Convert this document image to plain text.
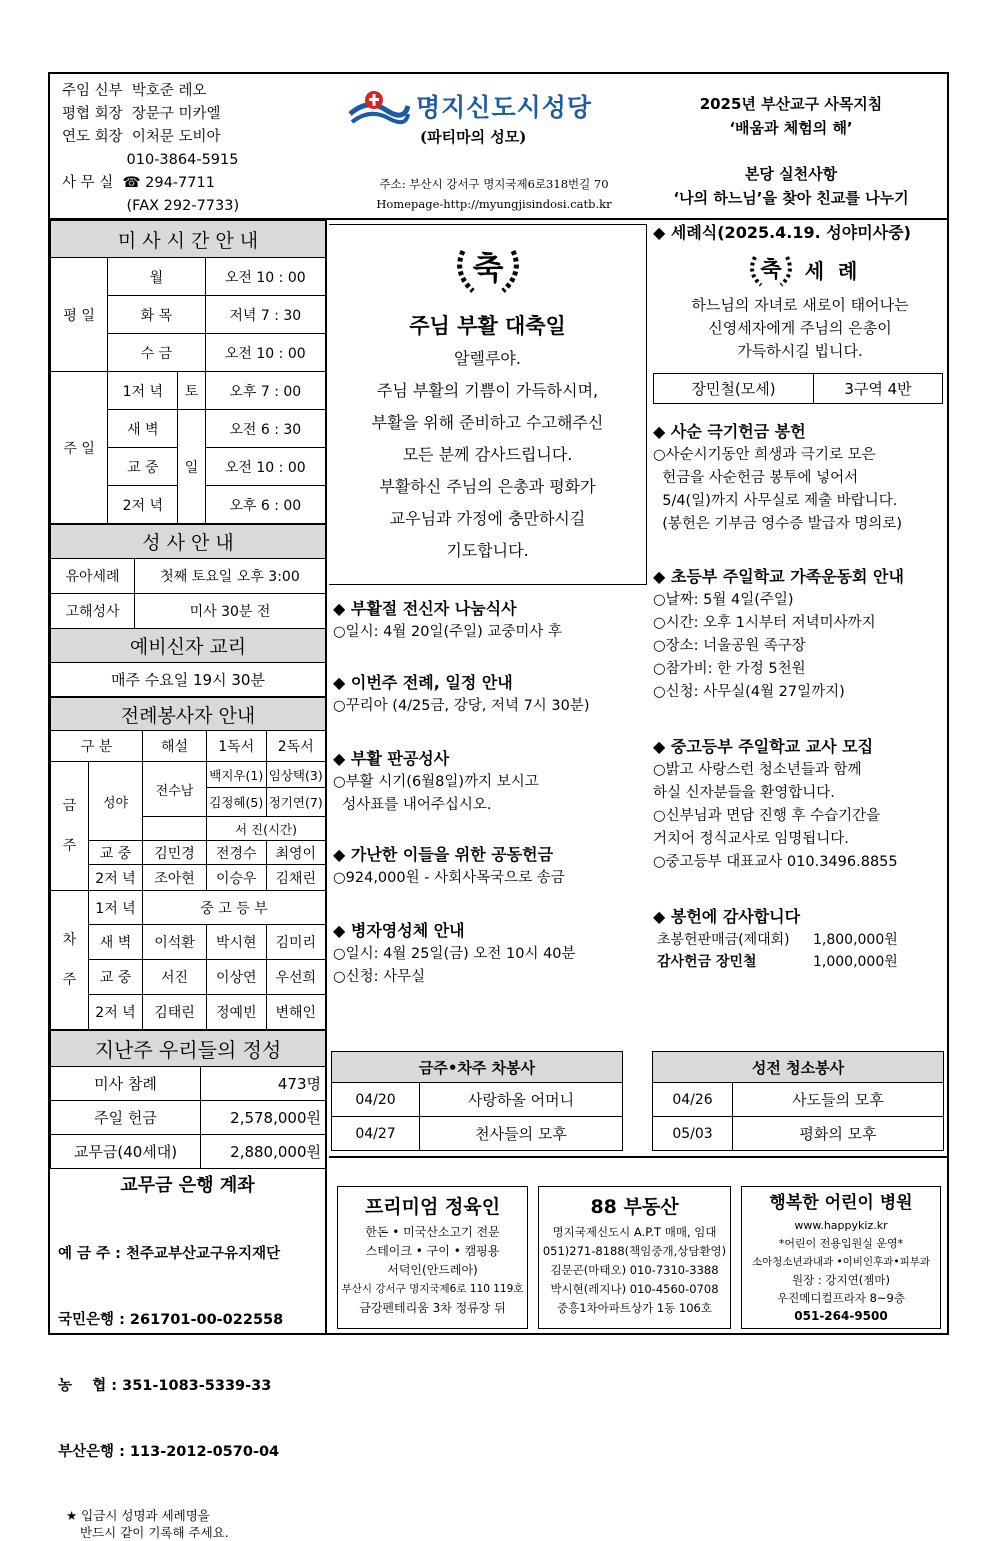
주임 신부  박호준 레오
평협 회장  장문구 미카엘
연도 회장  이처문 도비아
010-3864-5915
사 무 실  ☎ 294-7711
(FAX 292-7733)
명지신도시성당
(파티마의 성모)
주소: 부산시 강서구 명지국제6로318번길 70
Homepage-http://myungjisindosi.catb.kr
2025년 부산교구 사목지침
‘배움과 체험의 해’
본당 실천사항
‘나의 하느님’을 찾아 친교를 나누기
미 사 시 간 안 내			
평 일	월		오전 10 : 00
	화 목		저녁 7 : 30
	수 금		오전 10 : 00
주 일	1저 녁	토	오후 7 : 00
	새 벽	일	오전 6 : 30
	교 중		오전 10 : 00
	2저 녁		오후 6 : 00
성 사 안 내	
유아세례	첫째 토요일 오후 3:00
고해성사	미사 30분 전
예비신자 교리	
매주 수요일 19시 30분	
전례봉사자 안내				
구 분		해설	1독서	2독서

금
주	성야	전수남	백지우(1)	임상택(3)
			김정혜(5)	정기연(7)
			서 진(시간)	
	교 중	김민경	전경수	최영이
	2저 녁	조아현	이승우	김채린

차
주	1저 녁	중 고 등 부		
	새 벽	이석환	박시현	김미리
	교 중	서진	이상연	우선희
	2저 녁	김태린	정예빈	변해인
지난주 우리들의 정성	
미사 참례	473명
주일 헌금	2,578,000원
교무금(40세대)	2,880,000원
교무금 은행 계좌

예 금 주 : 천주교부산교구유지재단

국민은행 : 261701-00-022558

농    협 : 351-1083-5339-33

부산은행 : 113-2012-0570-04

★ 입금시 성명과 세례명을
반드시 같이 기록해 주세요.
축
주님 부활 대축일
알렐루야.
주님 부활의 기쁨이 가득하시며,
부활을 위해 준비하고 수고해주신
모든 분께 감사드립니다.
부활하신 주님의 은총과 평화가
교우님과 가정에 충만하시길
기도합니다.
◆ 부활절 전신자 나눔식사
○일시: 4월 20일(주일) 교중미사 후
◆ 이번주 전례, 일정 안내
○꾸리아 (4/25금, 강당, 저녁 7시 30분)
◆ 부활 판공성사
○부활 시기(6월8일)까지 보시고
성사표를 내어주십시오.
◆ 가난한 이들을 위한 공동헌금
○924,000원 - 사회사목국으로 송금
◆ 병자영성체 안내
○일시: 4월 25일(금) 오전 10시 40분
○신청: 사무실
◆ 세례식(2025.4.19. 성야미사중)
축 세  례
하느님의 자녀로 새로이 태어나는
신영세자에게 주님의 은총이
가득하시길 빕니다.
장민철(모세)	3구역 4반
◆ 사순 극기헌금 봉헌
○사순시기동안 희생과 극기로 모은
헌금을 사순헌금 봉투에 넣어서
5/4(일)까지 사무실로 제출 바랍니다.
(봉헌은 기부금 영수증 발급자 명의로)
◆ 초등부 주일학교 가족운동회 안내
○날짜: 5월 4일(주일)
○시간: 오후 1시부터 저녁미사까지
○장소: 너울공원 족구장
○참가비: 한 가정 5천원
○신청: 사무실(4월 27일까지)
◆ 중고등부 주일학교 교사 모집
○밝고 사랑스런 청소년들과 함께
하실 신자분들을 환영합니다.
○신부님과 면담 진행 후 수습기간을
거치어 정식교사로 임명됩니다.
○중고등부 대표교사 010.3496.8855
◆ 봉헌에 감사합니다
초봉헌판매금(제대회)	1,800,000원
감사헌금 장민철	1,000,000원
금주•차주 차봉사	
04/20	사랑하올 어머니
04/27	천사들의 모후
성전 청소봉사	
04/26	사도들의 모후
05/03	평화의 모후
프리미엄 정육인
한돈 • 미국산소고기 전문
스테이크 • 구이 • 캠핑용
서덕인(안드레아)
부산시 강서구 명지국제6로 110 119호
금강펜테리움 3차 정류장 뒤
88 부동산
명지국제신도시 A.P.T 매매, 임대
051)271-8188(책임중개,상담환영)
김문곤(마태오) 010-7310-3388
박시현(레지나) 010-4560-0708
중흥1차아파트상가 1동 106호
행복한 어린이 병원
www.happykiz.kr
*어린이 전용입원실 운영*
소아청소년과내과 •이비인후과•피부과
원장 : 강지연(젬마)
우진메디컬프라자 8~9층
051-264-9500
